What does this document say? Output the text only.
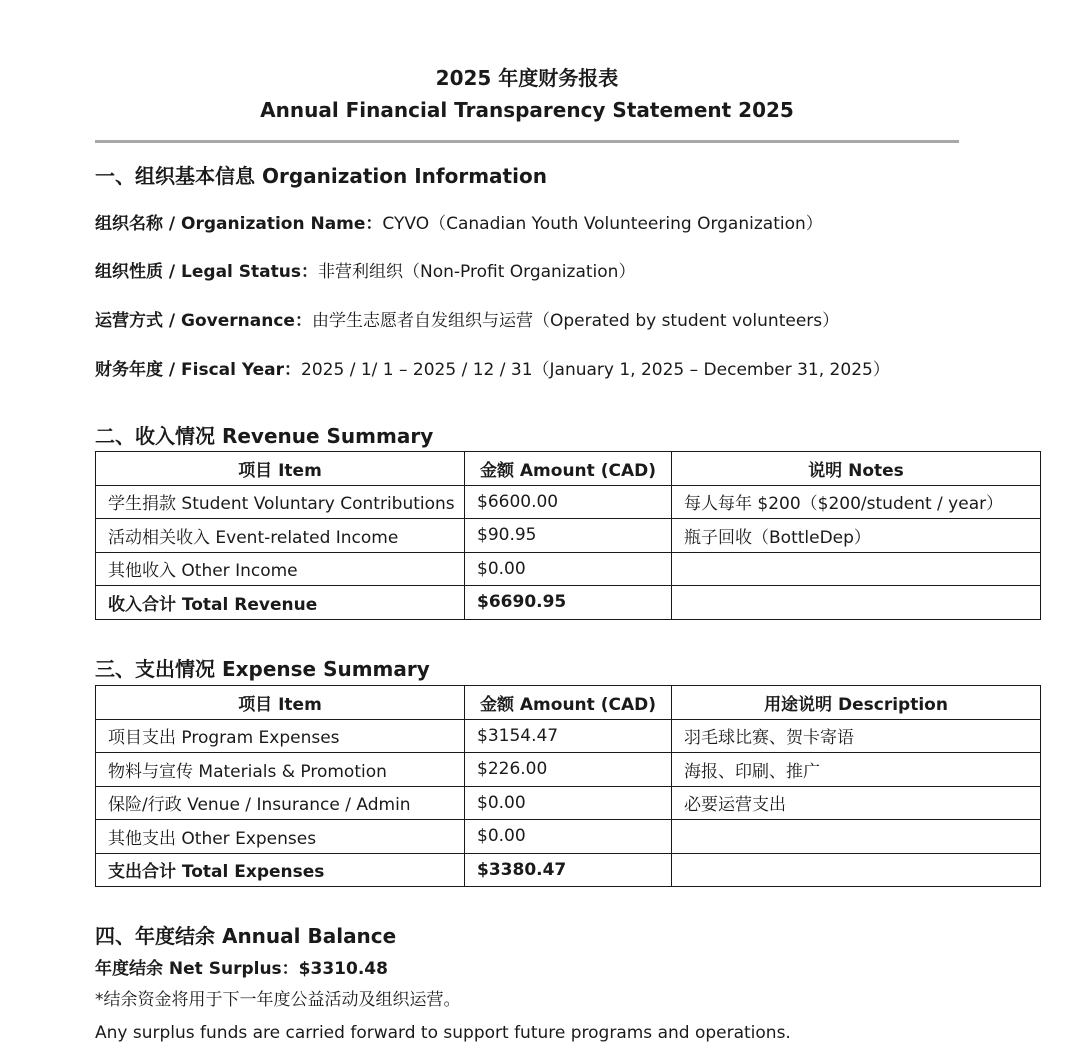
2025 年度财务报表
Annual Financial Transparency Statement 2025
一、组织基本信息 Organization Information
组织名称 / Organization Name：CYVO（Canadian Youth Volunteering Organization）
组织性质 / Legal Status：非营利组织（Non-Profit Organization）
运营方式 / Governance：由学生志愿者自发组织与运营（Operated by student volunteers）
财务年度 / Fiscal Year：2025 / 1/ 1 – 2025 / 12 / 31（January 1, 2025 – December 31, 2025）
二、收入情况 Revenue Summary
项目 Item	金额 Amount (CAD)	说明 Notes
学生捐款 Student Voluntary Contributions	$6600.00	每人每年 $200（$200/student / year）
活动相关收入 Event-related Income	$90.95	瓶子回收（BottleDep）
其他收入 Other Income	$0.00	
收入合计 Total Revenue	$6690.95	
三、支出情况 Expense Summary
项目 Item	金额 Amount (CAD)	用途说明 Description
项目支出 Program Expenses	$3154.47	羽毛球比赛、贺卡寄语
物料与宣传 Materials & Promotion	$226.00	海报、印刷、推广
保险/行政 Venue / Insurance / Admin	$0.00	必要运营支出
其他支出 Other Expenses	$0.00	
支出合计 Total Expenses	$3380.47	
四、年度结余 Annual Balance
年度结余 Net Surplus：$3310.48
*结余资金将用于下一年度公益活动及组织运营。
Any surplus funds are carried forward to support future programs and operations.
